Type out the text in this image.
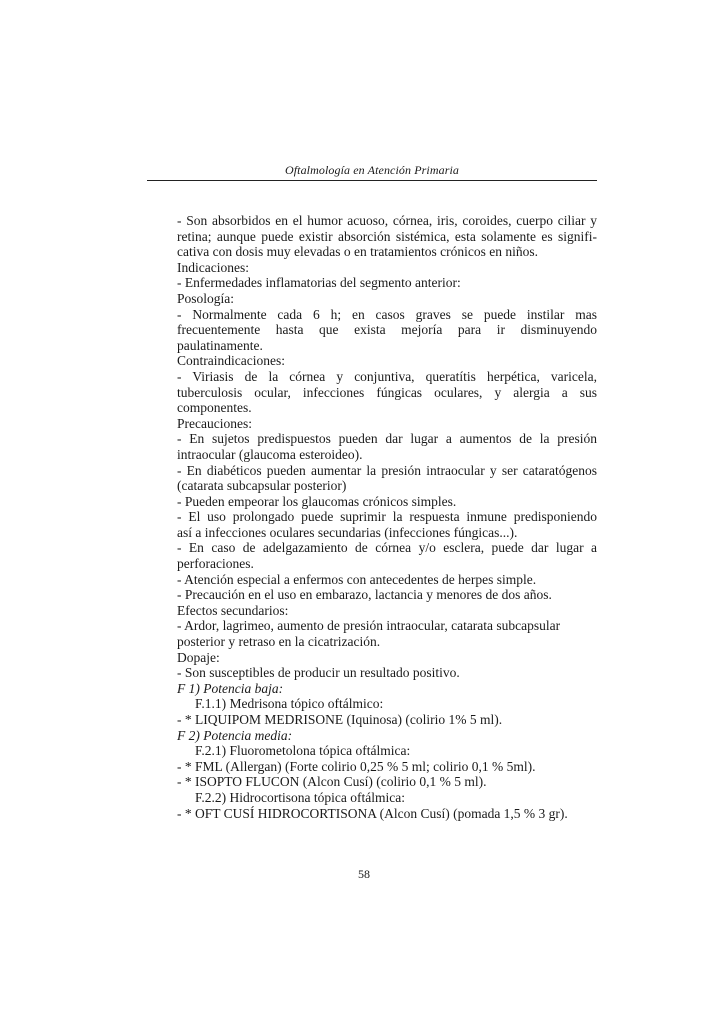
Oftalmología en Atención Primaria

- Son absorbidos en el humor acuoso, córnea, iris, coroides, cuerpo ciliar y

retina; aunque puede existir absorción sistémica, esta solamente es signifi-

cativa con dosis muy elevadas o en tratamientos crónicos en niños.

Indicaciones:

- Enfermedades inflamatorias del segmento anterior:

Posología:

- Normalmente cada 6 h; en casos graves se puede instilar mas

frecuentemente hasta que exista mejoría para ir disminuyendo

paulatinamente.

Contraindicaciones:

- Viriasis de la córnea y conjuntiva, queratítis herpética, varicela,

tuberculosis ocular, infecciones fúngicas oculares, y alergia a sus

componentes.

Precauciones:

- En sujetos predispuestos pueden dar lugar a aumentos de la presión

intraocular (glaucoma esteroideo).

- En diabéticos pueden aumentar la presión intraocular y ser cataratógenos

(catarata subcapsular posterior)

- Pueden empeorar los glaucomas crónicos simples.

- El uso prolongado puede suprimir la respuesta inmune predisponiendo

así a infecciones oculares secundarias (infecciones fúngicas...).

- En caso de adelgazamiento de córnea y/o esclera, puede dar lugar a

perforaciones.

- Atención especial a enfermos con antecedentes de herpes simple.

- Precaución en el uso en embarazo, lactancia y menores de dos años.

Efectos secundarios:

- Ardor, lagrimeo, aumento de presión intraocular, catarata subcapsular

posterior y retraso en la cicatrización.

Dopaje:

- Son susceptibles de producir un resultado positivo.

F 1) Potencia baja:

F.1.1) Medrisona tópico oftálmico:

- * LIQUIPOM MEDRISONE (Iquinosa) (colirio 1% 5 ml).

F 2) Potencia media:

F.2.1) Fluorometolona tópica oftálmica:

- * FML (Allergan) (Forte colirio 0,25 % 5 ml; colirio 0,1 % 5ml).

- * ISOPTO FLUCON (Alcon Cusí) (colirio 0,1 % 5 ml).

F.2.2) Hidrocortisona tópica oftálmica:

- * OFT CUSÍ HIDROCORTISONA (Alcon Cusí) (pomada 1,5 % 3 gr).

58
